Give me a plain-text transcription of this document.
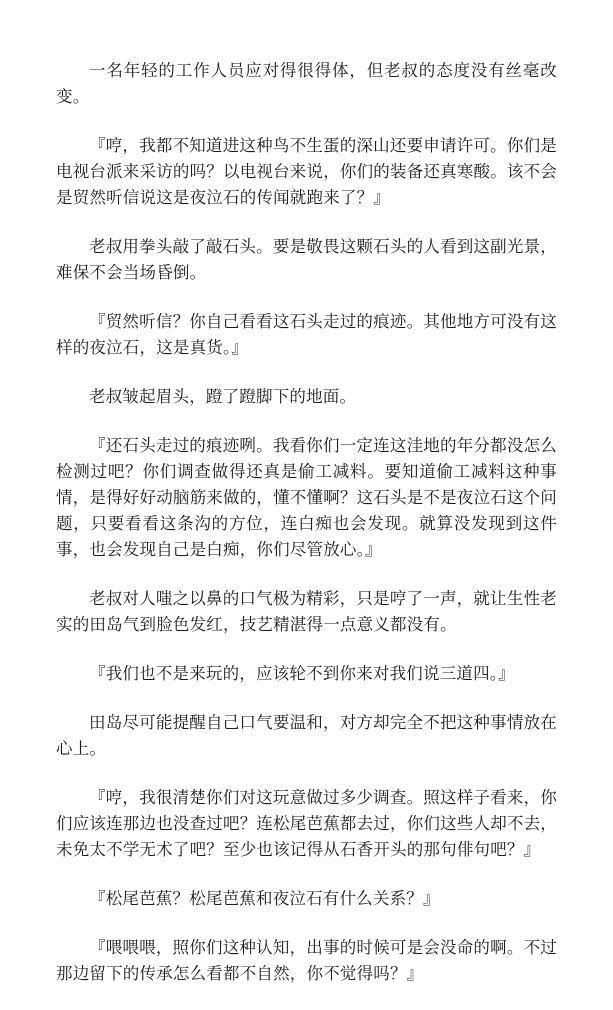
一名年轻的工作人员应对得很得体，但老叔的态度没有丝毫改变。

『哼，我都不知道进这种鸟不生蛋的深山还要申请许可。你们是电视台派来采访的吗？以电视台来说，你们的装备还真寒酸。该不会是贸然听信说这是夜泣石的传闻就跑来了？』

老叔用拳头敲了敲石头。要是敬畏这颗石头的人看到这副光景，难保不会当场昏倒。

『贸然听信？你自己看看这石头走过的痕迹。其他地方可没有这样的夜泣石，这是真货。』

老叔皱起眉头，蹬了蹬脚下的地面。

『还石头走过的痕迹咧。我看你们一定连这洼地的年分都没怎么检测过吧？你们调查做得还真是偷工减料。要知道偷工减料这种事情，是得好好动脑筋来做的，懂不懂啊？这石头是不是夜泣石这个问题，只要看看这条沟的方位，连白痴也会发现。就算没发现到这件事，也会发现自己是白痴，你们尽管放心。』

老叔对人嗤之以鼻的口气极为精彩，只是哼了一声，就让生性老实的田岛气到脸色发红，技艺精湛得一点意义都没有。

『我们也不是来玩的，应该轮不到你来对我们说三道四。』

田岛尽可能提醒自己口气要温和，对方却完全不把这种事情放在心上。

『哼，我很清楚你们对这玩意做过多少调查。照这样子看来，你们应该连那边也没查过吧？连松尾芭蕉都去过，你们这些人却不去，未免太不学无术了吧？至少也该记得从石香开头的那句俳句吧？』

『松尾芭蕉？松尾芭蕉和夜泣石有什么关系？』

『喂喂喂，照你们这种认知，出事的时候可是会没命的啊。不过那边留下的传承怎么看都不自然，你不觉得吗？』
